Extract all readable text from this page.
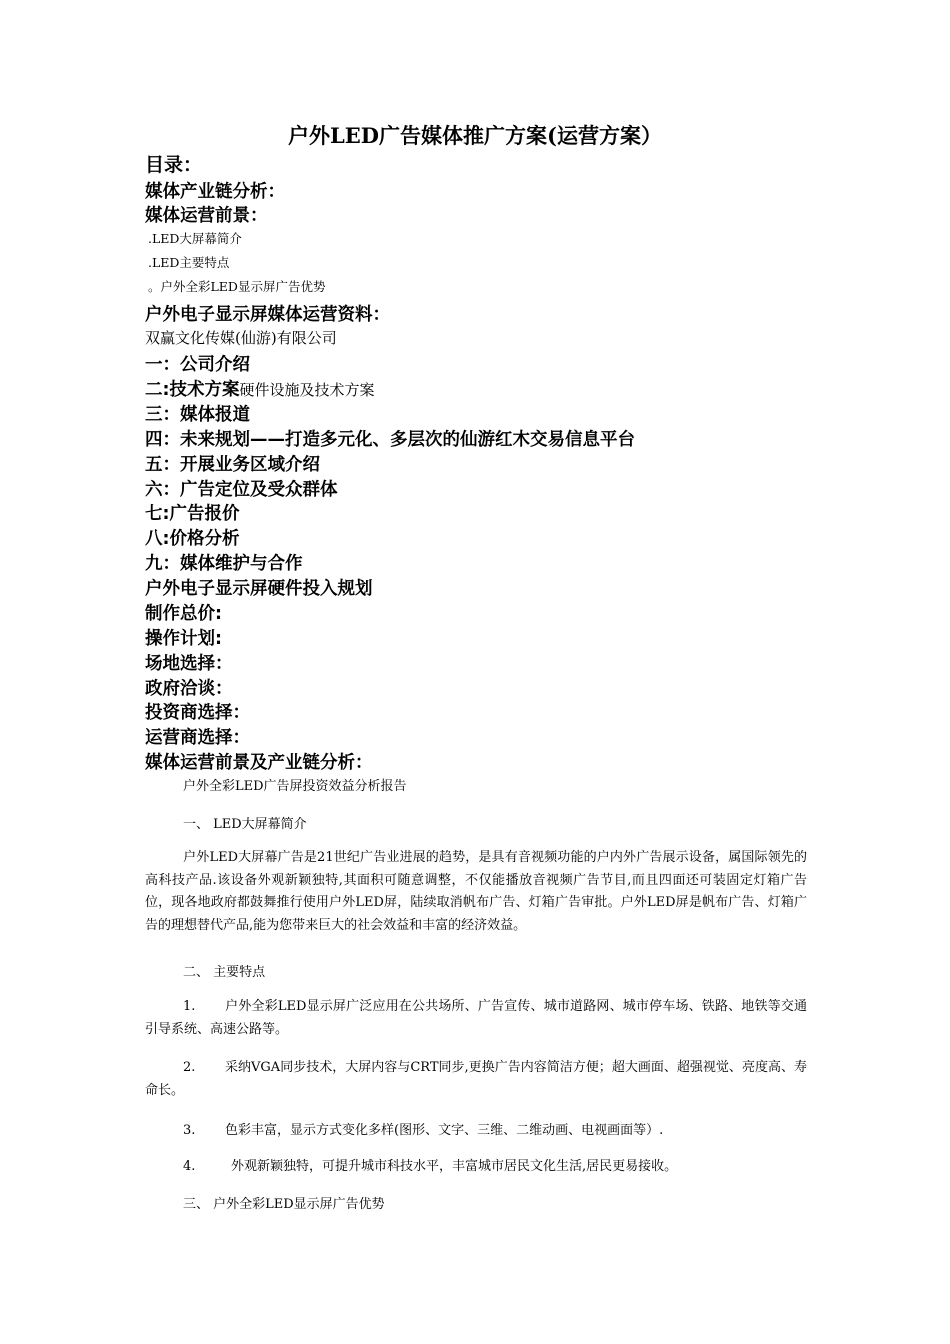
户外LED广告媒体推广方案(运营方案）
目录：
媒体产业链分析：
媒体运营前景：
.LED大屏幕简介
.LED主要特点
。户外全彩LED显示屏广告优势
户外电子显示屏媒体运营资料：
双赢文化传媒(仙游)有限公司
一：公司介绍
二:技术方案硬件设施及技术方案
三：媒体报道
四：未来规划——打造多元化、多层次的仙游红木交易信息平台
五：开展业务区域介绍
六：广告定位及受众群体
七:广告报价
八:价格分析
九：媒体维护与合作
户外电子显示屏硬件投入规划
制作总价:
操作计划:
场地选择：
政府洽谈：
投资商选择：
运营商选择：
媒体运营前景及产业链分析：
户外全彩LED广告屏投资效益分析报告
一、 LED大屏幕简介
户外LED大屏幕广告是21世纪广告业进展的趋势，是具有音视频功能的户内外广告展示设备，属国际领先的高科技产品.该设备外观新颖独特,其面积可随意调整，不仅能播放音视频广告节目,而且四面还可装固定灯箱广告位，现各地政府都鼓舞推行使用户外LED屏，陆续取消帆布广告、灯箱广告审批。户外LED屏是帆布广告、灯箱广告的理想替代产品,能为您带来巨大的社会效益和丰富的经济效益。
二、 主要特点
1. 户外全彩LED显示屏广泛应用在公共场所、广告宣传、城市道路网、城市停车场、铁路、地铁等交通引导系统、高速公路等。
2. 采纳VGA同步技术，大屏内容与CRT同步,更换广告内容简洁方便；超大画面、超强视觉、亮度高、寿命长。
3. 色彩丰富，显示方式变化多样(图形、文字、三维、二维动画、电视画面等）.
4.	外观新颖独特，可提升城市科技水平，丰富城市居民文化生活,居民更易接收。
三、 户外全彩LED显示屏广告优势
